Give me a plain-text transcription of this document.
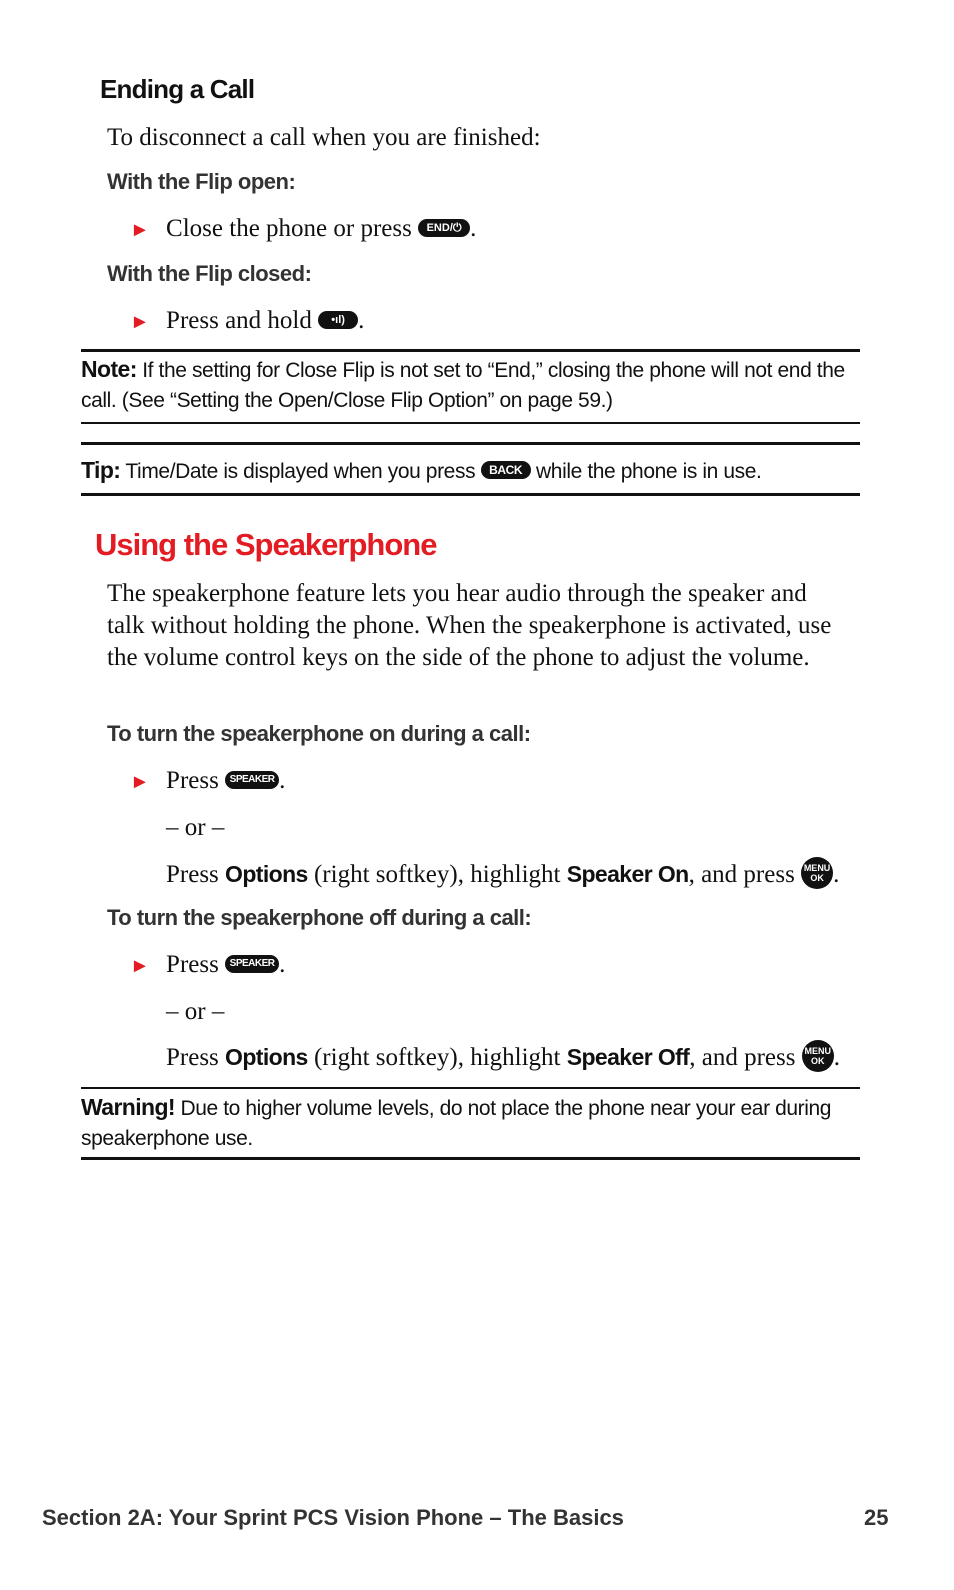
Ending a Call
To disconnect a call when you are finished:
With the Flip open:
► Close the phone or press END/⏻ .
With the Flip closed:
► Press and hold •ıl) .
Note: If the setting for Close Flip is not set to “End,” closing the phone will not end the call. (See “Setting the Open/Close Flip Option” on page 59.)
Tip: Time/Date is displayed when you press BACK while the phone is in use.
Using the Speakerphone
The speakerphone feature lets you hear audio through the speaker and talk without holding the phone. When the speakerphone is activated, use the volume control keys on the side of the phone to adjust the volume.
To turn the speakerphone on during a call:
► Press SPEAKER .
– or –
Press Options (right softkey), highlight Speaker On, and press	MENU
OK .
To turn the speakerphone off during a call:
► Press SPEAKER .
– or –
Press Options (right softkey), highlight Speaker Off, and press	MENU
OK .
Warning! Due to higher volume levels, do not place the phone near your ear during speakerphone use.
Section 2A: Your Sprint PCS Vision Phone – The Basics	25
